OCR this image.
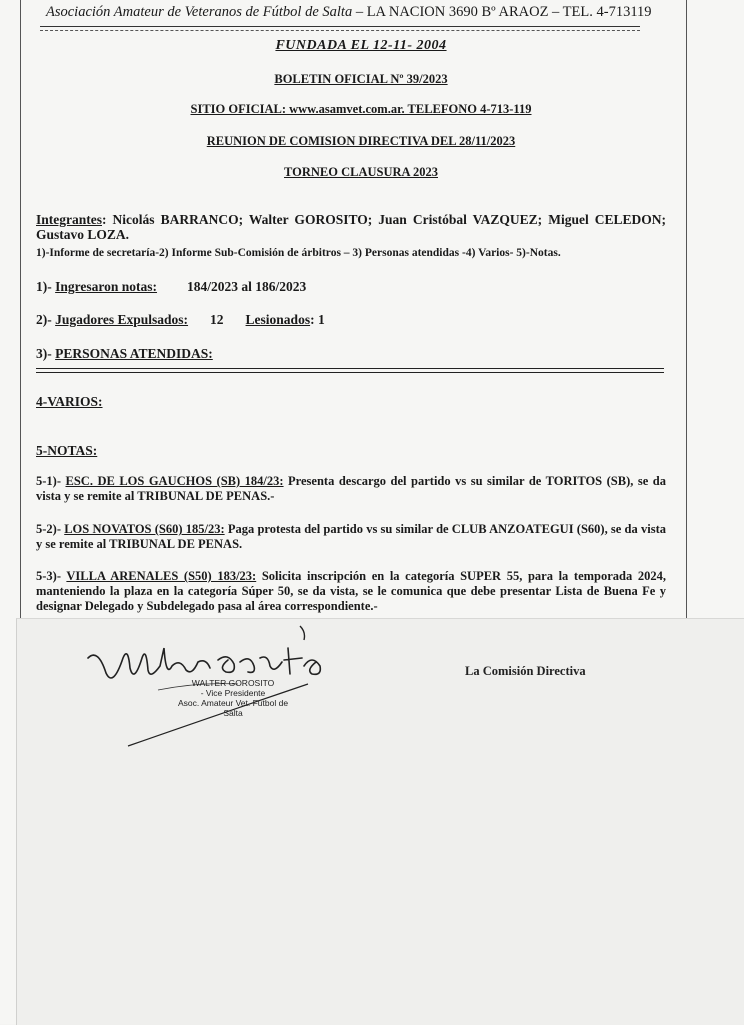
Asociación Amateur de Veteranos de Fútbol de Salta – LA NACION 3690 Bº ARAOZ – TEL. 4-713119
FUNDADA EL 12-11- 2004
BOLETIN OFICIAL Nº 39/2023
SITIO OFICIAL: www.asamvet.com.ar. TELEFONO 4-713-119
REUNION DE COMISION DIRECTIVA DEL 28/11/2023
TORNEO CLAUSURA 2023
Integrantes: Nicolás BARRANCO; Walter GOROSITO; Juan Cristóbal VAZQUEZ; Miguel CELEDON; Gustavo LOZA.
1)-Informe de secretaría-2) Informe Sub-Comisión de árbitros – 3) Personas atendidas -4) Varios- 5)-Notas.
1)- Ingresaron notas: 184/2023 al 186/2023
2)- Jugadores Expulsados: 12 Lesionados: 1
3)- PERSONAS ATENDIDAS:
4-VARIOS:
5-NOTAS:
5-1)- ESC. DE LOS GAUCHOS (SB) 184/23: Presenta descargo del partido vs su similar de TORITOS (SB), se da vista y se remite al TRIBUNAL DE PENAS.-
5-2)- LOS NOVATOS (S60) 185/23: Paga protesta del partido vs su similar de CLUB ANZOATEGUI (S60), se da vista y se remite al TRIBUNAL DE PENAS.
5-3)- VILLA ARENALES (S50) 183/23: Solicita inscripción en la categoría SUPER 55, para la temporada 2024, manteniendo la plaza en la categoría Súper 50, se da vista, se le comunica que debe presentar Lista de Buena Fe y designar Delegado y Subdelegado pasa al área correspondiente.-
WALTER GOROSITO
- Vice Presidente
Asoc. Amateur Vet. Futbol de Salta
La Comisión Directiva
